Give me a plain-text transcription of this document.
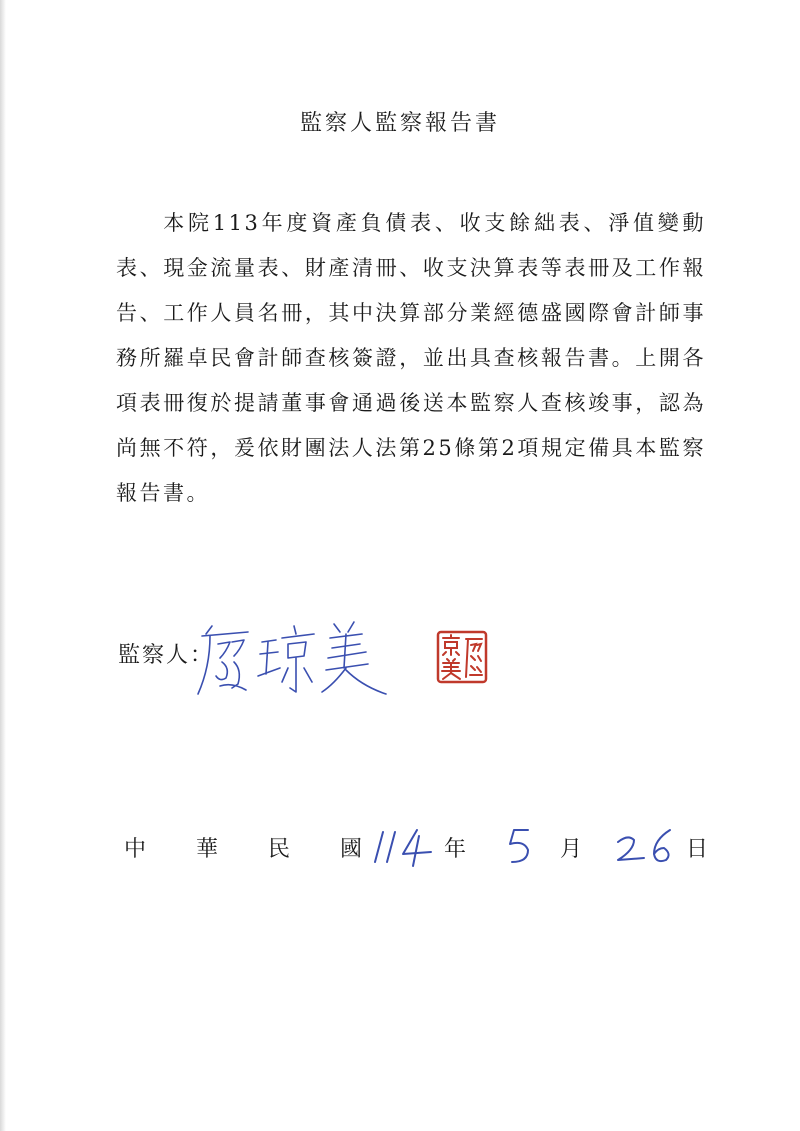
監察人監察報告書

本院113年度資產負債表、收支餘絀表、淨值變動表、現金流量表、財產清冊、收支決算表等表冊及工作報告、工作人員名冊，其中決算部分業經德盛國際會計師事務所羅卓民會計師查核簽證，並出具查核報告書。上開各項表冊復於提請董事會通過後送本監察人查核竣事，認為尚無不符，爰依財團法人法第25條第2項規定備具本監察報告書。

監察人：
中 華 民 國	年	月	日
